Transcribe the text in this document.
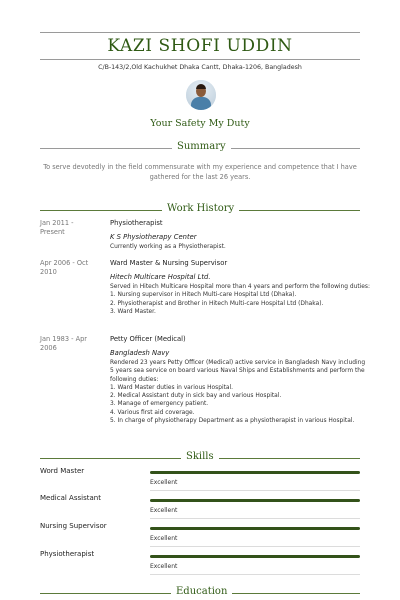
KAZI SHOFI UDDIN
C/B-143/2,Old Kachukhet Dhaka Cantt, Dhaka-1206, Bangladesh
Your Safety My Duty
Summary
To serve devotedly in the field commensurate with my experience and competence that I have gathered for the last 26 years.
Work History
Jan 2011 - Present
Physiotherapist
K S Physiotherapy Center
Currently working as a Physiotherapist.
Apr 2006 - Oct 2010
Ward Master & Nursing Supervisor
Hitech Multicare Hospital Ltd.
Served in Hitech Multicare Hospital more than 4 years and perform the following duties:
1. Nursing supervisor in Hitech Multi-care Hospital Ltd (Dhaka).
2. Physiotherapist and Brother in Hitech Multi-care Hospital Ltd (Dhaka).
3. Ward Master.
Jan 1983 - Apr 2006
Petty Officer (Medical)
Bangladesh Navy
Rendered 23 years Petty Officer (Medical) active service in Bangladesh Navy including 5 years sea service on board various Naval Ships and Establishments and perform the following duties:
1. Ward Master duties in various Hospital.
2. Medical Assistant duty in sick bay and various Hospital.
3. Manage of emergency patient.
4. Various first aid coverage.
5. In charge of physiotherapy Department as a physiotherapist in various Hospital.
Skills
Word Master
Excellent
Medical Assistant
Excellent
Nursing Supervisor
Excellent
Physiotherapist
Excellent
Education
